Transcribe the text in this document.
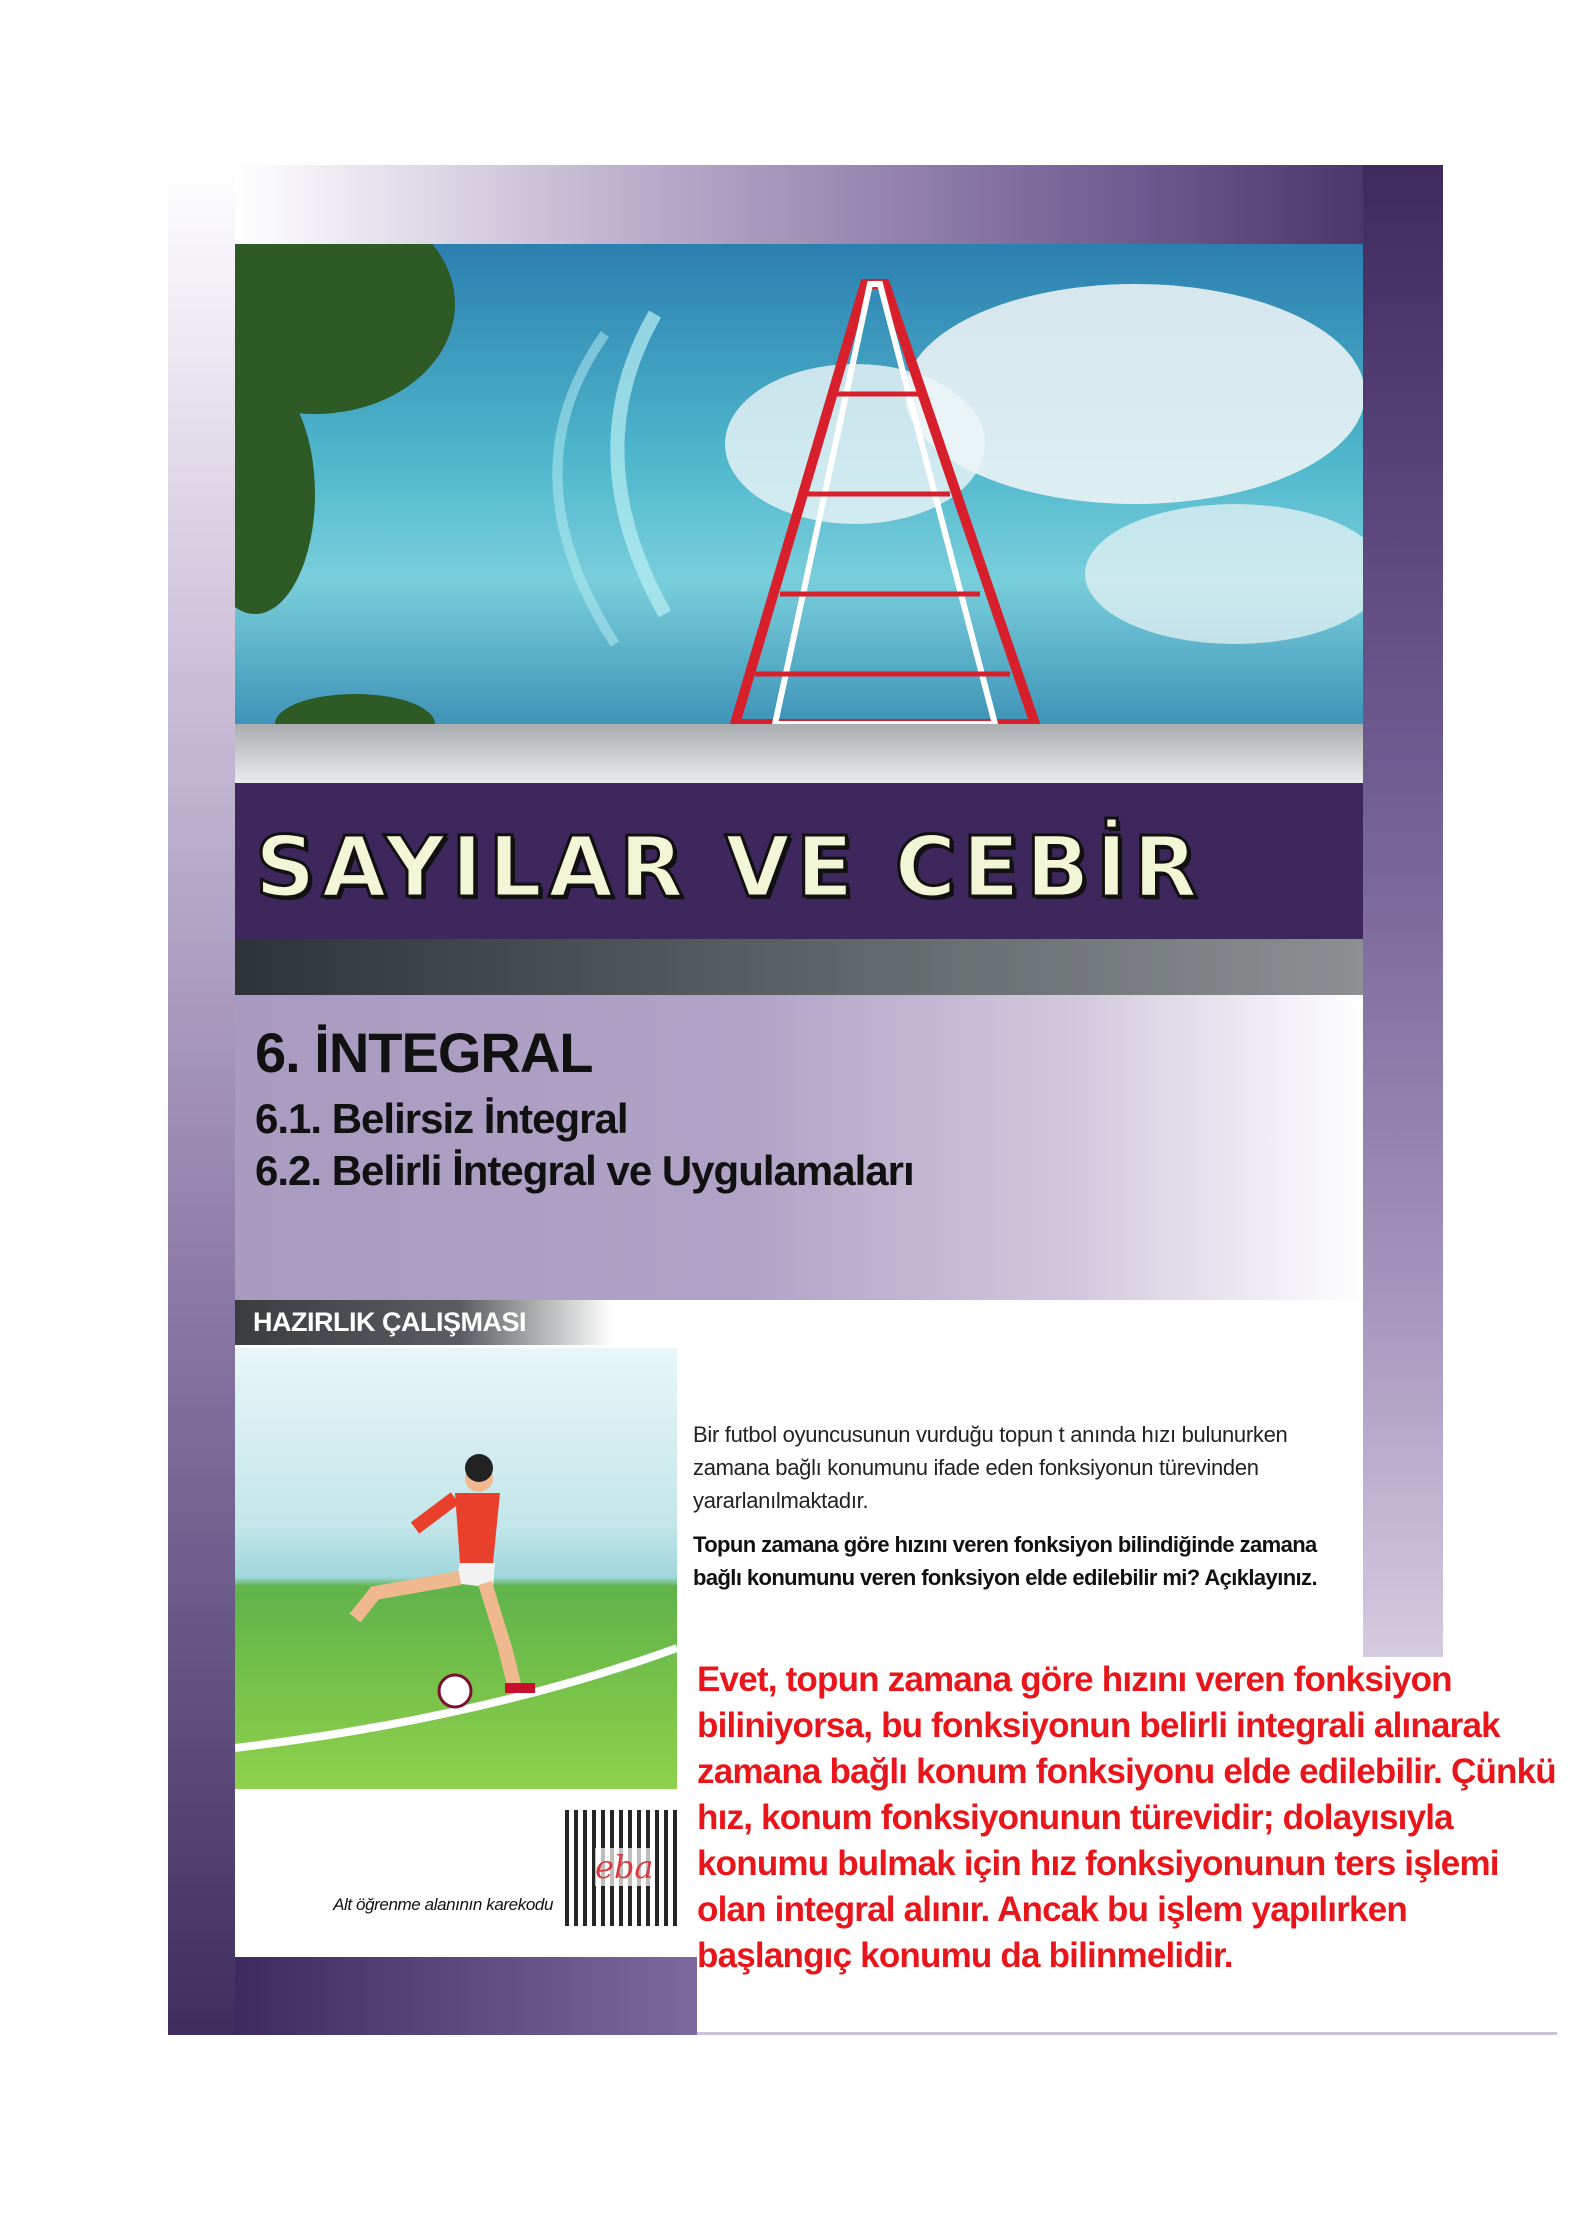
SAYILAR VE CEBİR
6. İNTEGRAL
6.1. Belirsiz İntegral
6.2. Belirli İntegral ve Uygulamaları
HAZIRLIK ÇALIŞMASI
Bir futbol oyuncusunun vurduğu topun t anında hızı bulunurken zamana bağlı konumunu ifade eden fonksiyonun türevinden yararlanılmaktadır.
Topun zamana göre hızını veren fonksiyon bilindiğinde zamana bağlı konumunu veren fonksiyon elde edilebilir mi? Açıklayınız.
Evet, topun zamana göre hızını veren fonksiyon biliniyorsa, bu fonksiyonun belirli integrali alınarak zamana bağlı konum fonksiyonu elde edilebilir. Çünkü hız, konum fonksiyonunun türevidir; dolayısıyla konumu bulmak için hız fonksiyonunun ters işlemi olan integral alınır. Ancak bu işlem yapılırken başlangıç konumu da bilinmelidir.
eba
Alt öğrenme alanının karekodu
